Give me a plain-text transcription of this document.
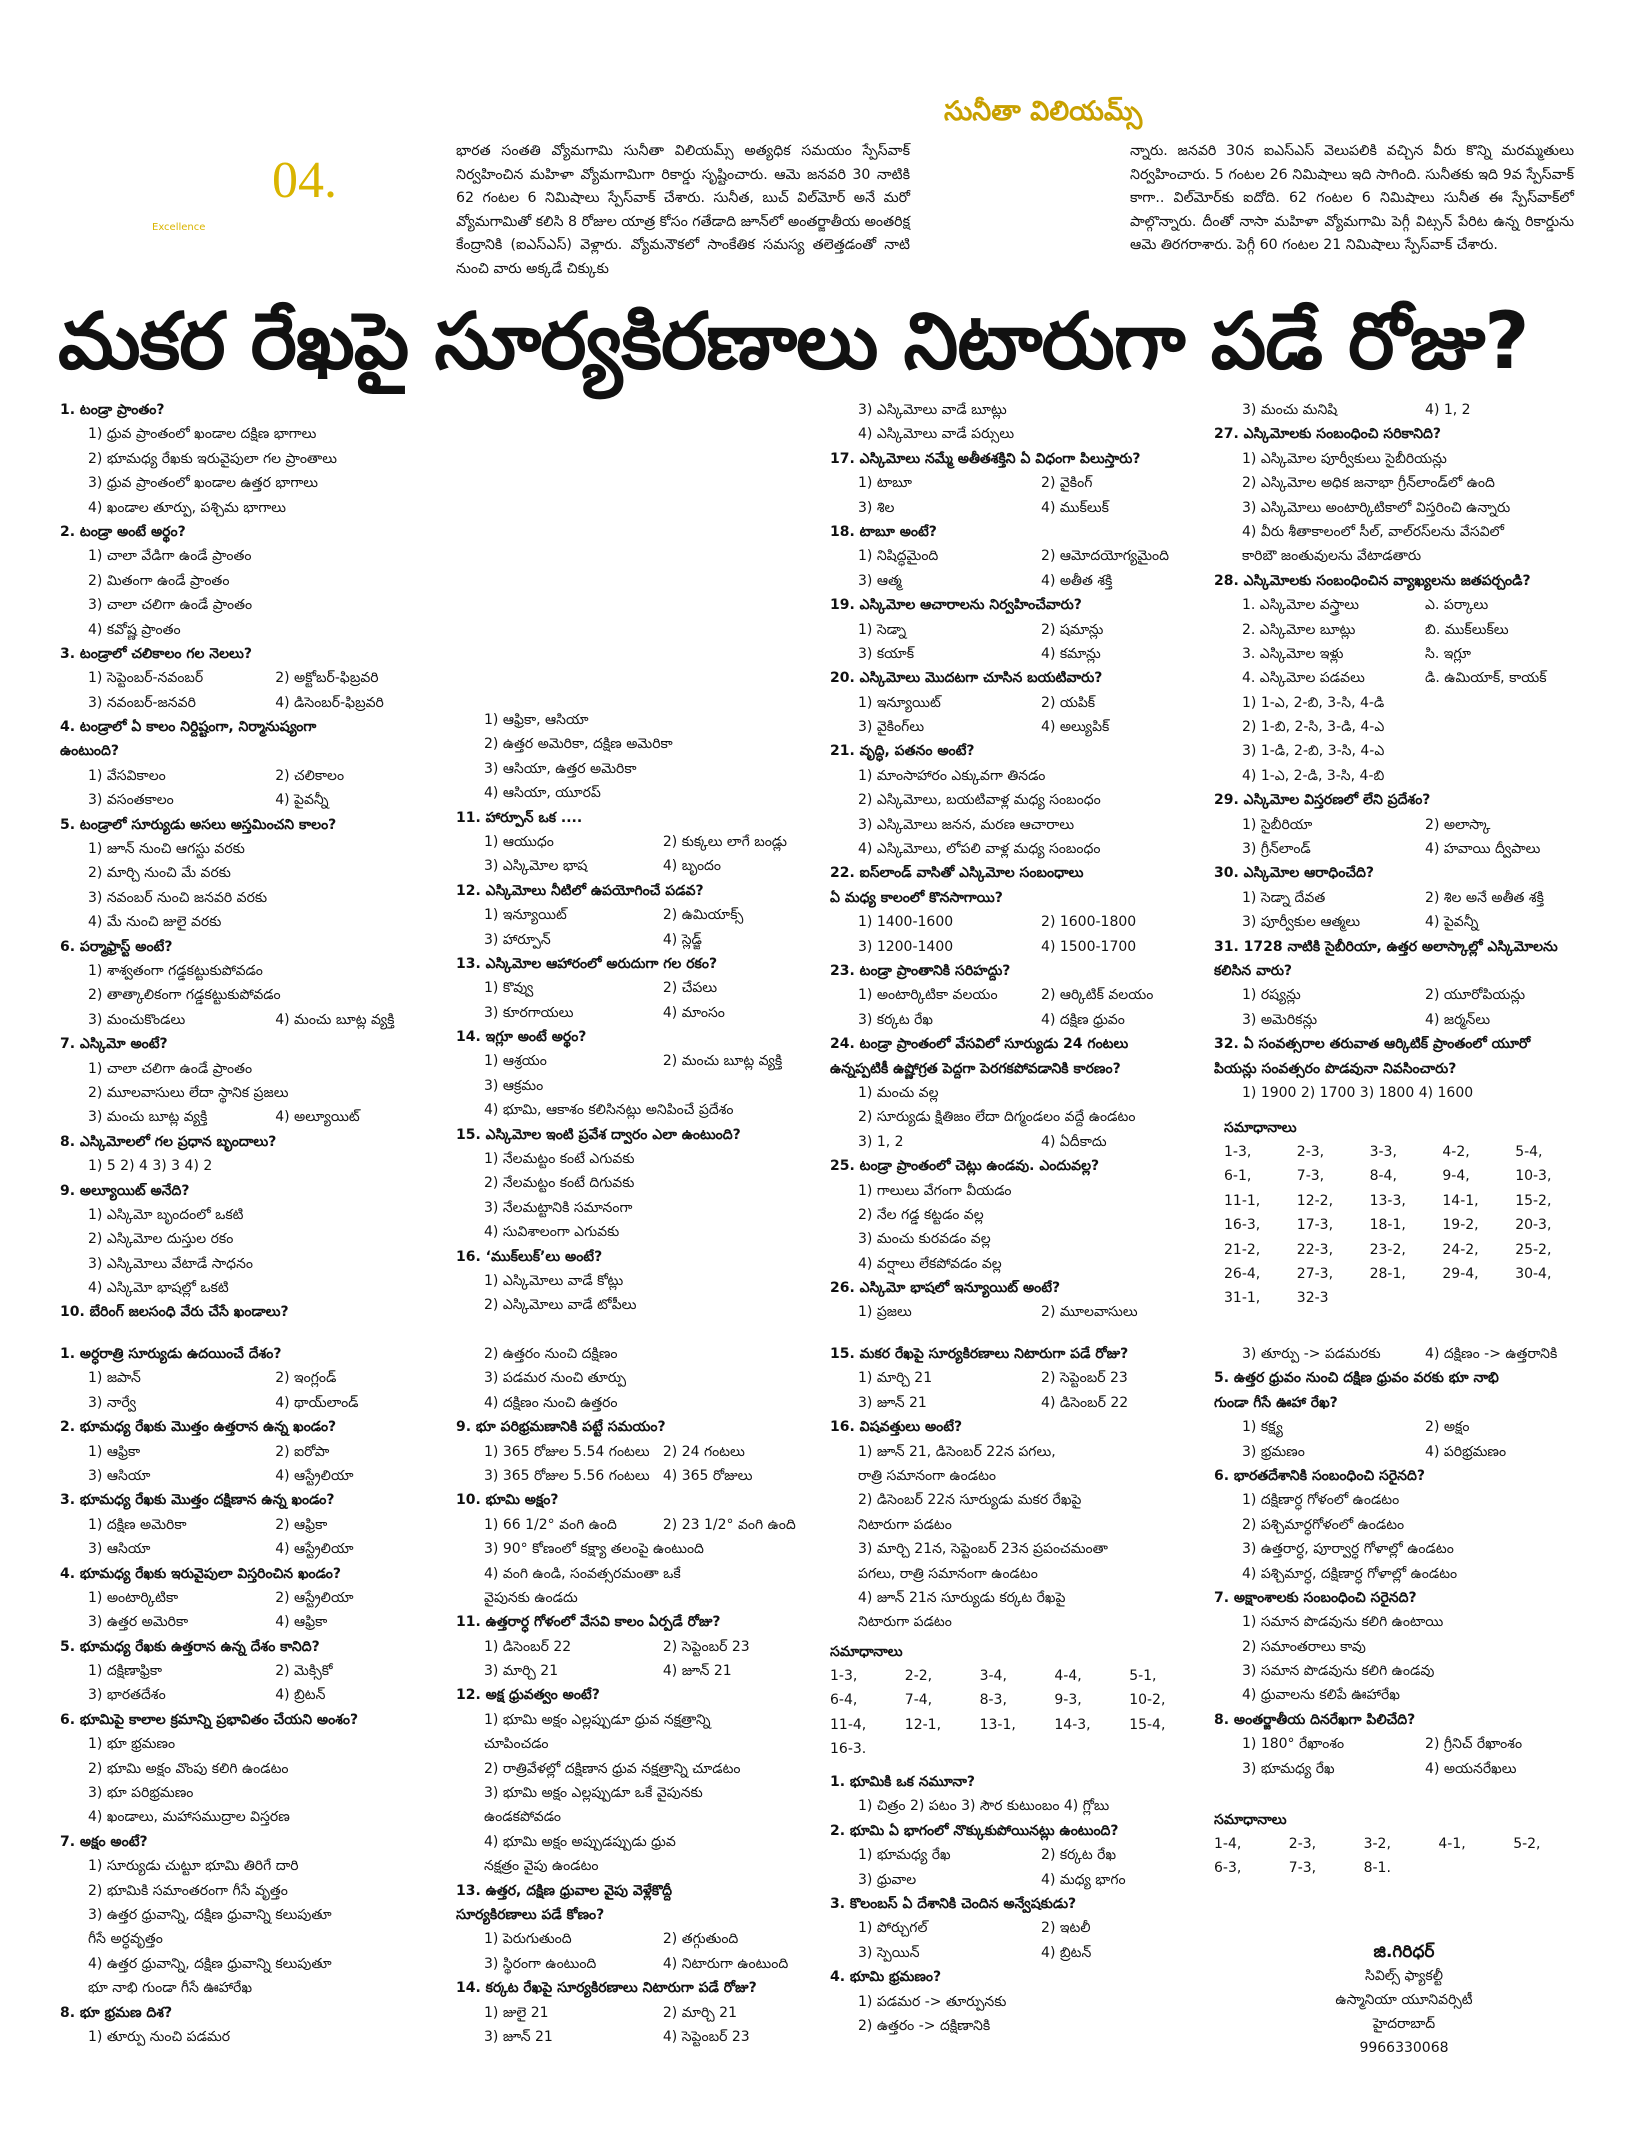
04.
Excellence
సునీతా విలియమ్స్
భారత సంతతి వ్యోమగామి సునీతా విలియమ్స్ అత్యధిక సమయం స్పేస్‌వాక్ నిర్వహించిన మహిళా వ్యోమగామిగా రికార్డు సృష్టించారు. ఆమె జనవరి 30 నాటికి 62 గంటల 6 నిమిషాలు స్పేస్‌వాక్ చేశారు. సునీత, బుచ్ విల్‌మోర్ అనే మరో వ్యోమగామితో కలిసి 8 రోజుల యాత్ర కోసం గతేడాది జూన్‌లో అంతర్జాతీయ అంతరిక్ష కేంద్రానికి (ఐఎస్‌ఎస్) వెళ్లారు. వ్యోమనౌకలో సాంకేతిక సమస్య తలెత్తడంతో నాటి నుంచి వారు అక్కడే చిక్కుకు
న్నారు. జనవరి 30న ఐఎస్‌ఎస్ వెలుపలికి వచ్చిన వీరు కొన్ని మరమ్మతులు నిర్వహించారు. 5 గంటల 26 నిమిషాలు ఇది సాగింది. సునీతకు ఇది 9వ స్పేస్‌వాక్ కాగా.. విల్‌మోర్‌కు ఐదోది. 62 గంటల 6 నిమిషాలు సునీత ఈ స్పేస్‌వాక్‌లో పాల్గొన్నారు. దీంతో నాసా మహిళా వ్యోమగామి పెగ్గీ విట్సన్ పేరిట ఉన్న రికార్డును ఆమె తిరగరాశారు. పెగ్గీ 60 గంటల 21 నిమిషాలు స్పేస్‌వాక్ చేశారు.
మకర రేఖపై సూర్యకిరణాలు నిటారుగా పడే రోజు?
1. టండ్రా ప్రాంతం?
1) ధ్రువ ప్రాంతంలో ఖండాల దక్షిణ భాగాలు
2) భూమధ్య రేఖకు ఇరువైపులా గల ప్రాంతాలు
3) ధ్రువ ప్రాంతంలో ఖండాల ఉత్తర భాగాలు
4) ఖండాల తూర్పు, పశ్చిమ భాగాలు
2. టండ్రా అంటే అర్థం?
1) చాలా వేడిగా ఉండే ప్రాంతం
2) మితంగా ఉండే ప్రాంతం
3) చాలా చలిగా ఉండే ప్రాంతం
4) కవోష్ణ ప్రాంతం
3. టండ్రాలో చలికాలం గల నెలలు?
1) సెప్టెంబర్-నవంబర్	2) అక్టోబర్-ఫిబ్రవరి
3) నవంబర్-జనవరి	4) డిసెంబర్-ఫిబ్రవరి
4. టండ్రాలో ఏ కాలం నిర్దిష్టంగా, నిర్మానుష్యంగా
ఉంటుంది?
1) వేసవికాలం	2) చలికాలం
3) వసంతకాలం	4) పైవన్నీ
5. టండ్రాలో సూర్యుడు అసలు అస్తమించని కాలం?
1) జూన్ నుంచి ఆగస్టు వరకు
2) మార్చి నుంచి మే వరకు
3) నవంబర్ నుంచి జనవరి వరకు
4) మే నుంచి జులై వరకు
6. పర్మాఫ్రాస్ట్ అంటే?
1) శాశ్వతంగా గడ్డకట్టుకుపోవడం
2) తాత్కాలికంగా గడ్డకట్టుకుపోవడం
3) మంచుకొండలు	4) మంచు బూట్ల వ్యక్తి
7. ఎస్కిమో అంటే?
1) చాలా చలిగా ఉండే ప్రాంతం
2) మూలవాసులు లేదా స్థానిక ప్రజలు
3) మంచు బూట్ల వ్యక్తి	4) అల్యూయిట్
8. ఎస్కిమోలలో గల ప్రధాన బృందాలు?
1) 5 2) 4 3) 3 4) 2
9. అల్యూయిట్ అనేది?
1) ఎస్కిమో బృందంలో ఒకటి
2) ఎస్కిమోల దుస్తుల రకం
3) ఎస్కిమోలు వేటాడే సాధనం
4) ఎస్కిమో భాషల్లో ఒకటి
10. బేరింగ్ జలసంధి వేరు చేసే ఖండాలు?
1) ఆఫ్రికా, ఆసియా
2) ఉత్తర అమెరికా, దక్షిణ అమెరికా
3) ఆసియా, ఉత్తర అమెరికా
4) ఆసియా, యూరప్
11. హార్పూన్ ఒక ....
1) ఆయుధం	2) కుక్కలు లాగే బండ్లు
3) ఎస్కిమోల భాష	4) బృందం
12. ఎస్కిమోలు నీటిలో ఉపయోగించే పడవ?
1) ఇన్యూయిట్	2) ఉమియాక్స్
3) హార్పూన్	4) స్లెడ్జ్
13. ఎస్కిమోల ఆహారంలో అరుదుగా గల రకం?
1) కొవ్వు	2) చేపలు
3) కూరగాయలు	4) మాంసం
14. ఇగ్లూ అంటే అర్థం?
1) ఆశ్రయం	2) మంచు బూట్ల వ్యక్తి
3) ఆక్రమం
4) భూమి, ఆకాశం కలిసినట్లు అనిపించే ప్రదేశం
15. ఎస్కిమోల ఇంటి ప్రవేశ ద్వారం ఎలా ఉంటుంది?
1) నేలమట్టం కంటే ఎగువకు
2) నేలమట్టం కంటే దిగువకు
3) నేలమట్టానికి సమానంగా
4) సువిశాలంగా ఎగువకు
16. ‘ముక్‌లుక్’లు అంటే?
1) ఎస్కిమోలు వాడే కోట్లు
2) ఎస్కిమోలు వాడే టోపీలు
3) ఎస్కిమోలు వాడే బూట్లు
4) ఎస్కిమోలు వాడే పర్సులు
17. ఎస్కిమోలు నమ్మే అతీతశక్తిని ఏ విధంగా పిలుస్తారు?
1) టాబూ	2) వైకింగ్
3) శిల	4) ముక్‌లుక్
18. టాబూ అంటే?
1) నిషిద్ధమైంది	2) ఆమోదయోగ్యమైంది
3) ఆత్మ	4) అతీత శక్తి
19. ఎస్కిమోల ఆచారాలను నిర్వహించేవారు?
1) సెడ్నా	2) షమాన్లు
3) కయాక్	4) కమాన్లు
20. ఎస్కిమోలు మొదటగా చూసిన బయటివారు?
1) ఇన్యూయిట్	2) యపిక్
3) వైకింగ్‌లు	4) అల్యుపిక్
21. వృద్ధి, పతనం అంటే?
1) మాంసాహారం ఎక్కువగా తినడం
2) ఎస్కిమోలు, బయటివాళ్ల మధ్య సంబంధం
3) ఎస్కిమోలు జనన, మరణ ఆచారాలు
4) ఎస్కిమోలు, లోపలి వాళ్ల మధ్య సంబంధం
22. ఐస్‌లాండ్ వాసితో ఎస్కిమోల సంబంధాలు
ఏ మధ్య కాలంలో కొనసాగాయి?
1) 1400-1600	2) 1600-1800
3) 1200-1400	4) 1500-1700
23. టండ్రా ప్రాంతానికి సరిహద్దు?
1) అంటార్కిటికా వలయం	2) ఆర్కిటిక్ వలయం
3) కర్కట రేఖ	4) దక్షిణ ధ్రువం
24. టండ్రా ప్రాంతంలో వేసవిలో సూర్యుడు 24 గంటలు
ఉన్నప్పటికీ ఉష్ణోగ్రత పెద్దగా పెరగకపోవడానికి కారణం?
1) మంచు వల్ల
2) సూర్యుడు క్షితిజం లేదా దిగ్మండలం వద్దే ఉండటం
3) 1, 2	4) ఏదీకాదు
25. టండ్రా ప్రాంతంలో చెట్లు ఉండవు. ఎందువల్ల?
1) గాలులు వేగంగా వీయడం
2) నేల గడ్డ కట్టడం వల్ల
3) మంచు కురవడం వల్ల
4) వర్షాలు లేకపోవడం వల్ల
26. ఎస్కిమో భాషలో ఇన్యూయిట్ అంటే?
1) ప్రజలు	2) మూలవాసులు
3) మంచు మనిషి	4) 1, 2
27. ఎస్కిమోలకు సంబంధించి సరికానిది?
1) ఎస్కిమోల పూర్వీకులు సైబీరియన్లు
2) ఎస్కిమోల అధిక జనాభా గ్రీన్‌లాండ్‌లో ఉంది
3) ఎస్కిమోలు అంటార్కిటికాలో విస్తరించి ఉన్నారు
4) వీరు శీతాకాలంలో సీల్, వాల్‌రస్‌లను వేసవిలో
కారిబౌ జంతువులను వేటాడతారు
28. ఎస్కిమోలకు సంబంధించిన వ్యాఖ్యలను జతపర్చండి?
1. ఎస్కిమోల వస్త్రాలు	ఎ. పర్కాలు
2. ఎస్కిమోల బూట్లు	బి. ముక్‌లుక్‌లు
3. ఎస్కిమోల ఇళ్లు	సి. ఇగ్లూ
4. ఎస్కిమోల పడవలు	డి. ఉమియాక్, కాయక్
1) 1-ఎ, 2-బి, 3-సి, 4-డి
2) 1-బి, 2-సి, 3-డి, 4-ఎ
3) 1-డి, 2-బి, 3-సి, 4-ఎ
4) 1-ఎ, 2-డి, 3-సి, 4-బి
29. ఎస్కిమోల విస్తరణలో లేని ప్రదేశం?
1) సైబీరియా	2) అలాస్కా
3) గ్రీన్‌లాండ్	4) హవాయి ద్వీపాలు
30. ఎస్కిమోల ఆరాధించేది?
1) సెడ్నా దేవత	2) శిల అనే అతీత శక్తి
3) పూర్వీకుల ఆత్మలు	4) పైవన్నీ
31. 1728 నాటికి సైబీరియా, ఉత్తర అలాస్కాల్లో ఎస్కిమోలను
కలిసిన వారు?
1) రష్యన్లు	2) యూరోపియన్లు
3) అమెరికన్లు	4) జర్మన్‌లు
32. ఏ సంవత్సరాల తరువాత ఆర్కిటిక్ ప్రాంతంలో యూరో
పియన్లు సంవత్సరం పొడవునా నివసించారు?
1) 1900 2) 1700 3) 1800 4) 1600
సమాధానాలు
1-3,	2-3,	3-3,	4-2,	5-4,
6-1,	7-3,	8-4,	9-4,	10-3,
11-1,	12-2,	13-3,	14-1,	15-2,
16-3,	17-3,	18-1,	19-2,	20-3,
21-2,	22-3,	23-2,	24-2,	25-2,
26-4,	27-3,	28-1,	29-4,	30-4,
31-1,	32-3
1. అర్ధరాత్రి సూర్యుడు ఉదయించే దేశం?
1) జపాన్	2) ఇంగ్లండ్
3) నార్వే	4) థాయ్‌లాండ్
2. భూమధ్య రేఖకు మొత్తం ఉత్తరాన ఉన్న ఖండం?
1) ఆఫ్రికా	2) ఐరోపా
3) ఆసియా	4) ఆస్ట్రేలియా
3. భూమధ్య రేఖకు మొత్తం దక్షిణాన ఉన్న ఖండం?
1) దక్షిణ అమెరికా	2) ఆఫ్రికా
3) ఆసియా	4) ఆస్ట్రేలియా
4. భూమధ్య రేఖకు ఇరువైపులా విస్తరించిన ఖండం?
1) అంటార్కిటికా	2) ఆస్ట్రేలియా
3) ఉత్తర అమెరికా	4) ఆఫ్రికా
5. భూమధ్య రేఖకు ఉత్తరాన ఉన్న దేశం కానిది?
1) దక్షిణాఫ్రికా	2) మెక్సికో
3) భారతదేశం	4) బ్రిటన్
6. భూమిపై కాలాల క్రమాన్ని ప్రభావితం చేయని అంశం?
1) భూ భ్రమణం
2) భూమి అక్షం వొంపు కలిగి ఉండటం
3) భూ పరిభ్రమణం
4) ఖండాలు, మహాసముద్రాల విస్తరణ
7. అక్షం అంటే?
1) సూర్యుడు చుట్టూ భూమి తిరిగే దారి
2) భూమికి సమాంతరంగా గీసే వృత్తం
3) ఉత్తర ధ్రువాన్ని, దక్షిణ ధ్రువాన్ని కలుపుతూ
గీసే అర్ధవృత్తం
4) ఉత్తర ధ్రువాన్ని, దక్షిణ ధ్రువాన్ని కలుపుతూ
భూ నాభి గుండా గీసే ఊహారేఖ
8. భూ భ్రమణ దిశ?
1) తూర్పు నుంచి పడమర
2) ఉత్తరం నుంచి దక్షిణం
3) పడమర నుంచి తూర్పు
4) దక్షిణం నుంచి ఉత్తరం
9. భూ పరిభ్రమణానికి పట్టే సమయం?
1) 365 రోజుల 5.54 గంటలు 2) 24 గంటలు
3) 365 రోజుల 5.56 గంటలు 4) 365 రోజులు
10. భూమి అక్షం?
1) 66 1/2° వంగి ఉంది	2) 23 1/2° వంగి ఉంది
3) 90° కోణంలో కక్ష్యా తలంపై ఉంటుంది
4) వంగి ఉండి, సంవత్సరమంతా ఒకే
వైపునకు ఉండదు
11. ఉత్తరార్ధ గోళంలో వేసవి కాలం ఏర్పడే రోజు?
1) డిసెంబర్ 22	2) సెప్టెంబర్ 23
3) మార్చి 21	4) జూన్ 21
12. అక్ష ధ్రువత్వం అంటే?
1) భూమి అక్షం ఎల్లప్పుడూ ధ్రువ నక్షత్రాన్ని
చూపించడం
2) రాత్రివేళల్లో దక్షిణాన ధ్రువ నక్షత్రాన్ని చూడటం
3) భూమి అక్షం ఎల్లప్పుడూ ఒకే వైపునకు
ఉండకపోవడం
4) భూమి అక్షం అప్పుడప్పుడు ధ్రువ
నక్షత్రం వైపు ఉండటం
13. ఉత్తర, దక్షిణ ధ్రువాల వైపు వెళ్లేకొద్దీ
సూర్యకిరణాలు పడే కోణం?
1) పెరుగుతుంది	2) తగ్గుతుంది
3) స్థిరంగా ఉంటుంది	4) నిటారుగా ఉంటుంది
14. కర్కట రేఖపై సూర్యకిరణాలు నిటారుగా పడే రోజు?
1) జులై 21	2) మార్చి 21
3) జూన్ 21	4) సెప్టెంబర్ 23
15. మకర రేఖపై సూర్యకిరణాలు నిటారుగా పడే రోజు?
1) మార్చి 21	2) సెప్టెంబర్ 23
3) జూన్ 21	4) డిసెంబర్ 22
16. విషవత్తులు అంటే?
1) జూన్ 21, డిసెంబర్ 22న పగలు,
రాత్రి సమానంగా ఉండటం
2) డిసెంబర్ 22న సూర్యుడు మకర రేఖపై
నిటారుగా పడటం
3) మార్చి 21న, సెప్టెంబర్ 23న ప్రపంచమంతా
పగలు, రాత్రి సమానంగా ఉండటం
4) జూన్ 21న సూర్యుడు కర్కట రేఖపై
నిటారుగా పడటం
సమాధానాలు
1-3,	2-2,	3-4,	4-4,	5-1,
6-4,	7-4,	8-3,	9-3,	10-2,
11-4,	12-1,	13-1,	14-3,	15-4,
16-3.
1. భూమికి ఒక నమూనా?
1) చిత్రం 2) పటం 3) సౌర కుటుంబం 4) గ్లోబు
2. భూమి ఏ భాగంలో నొక్కుకుపోయినట్లు ఉంటుంది?
1) భూమధ్య రేఖ	2) కర్కట రేఖ
3) ధ్రువాల	4) మధ్య భాగం
3. కొలంబస్ ఏ దేశానికి చెందిన అన్వేషకుడు?
1) పోర్చుగల్	2) ఇటలీ
3) స్పెయిన్	4) బ్రిటన్
4. భూమి భ్రమణం?
1) పడమర -> తూర్పునకు
2) ఉత్తరం -> దక్షిణానికి
3) తూర్పు -> పడమరకు	4) దక్షిణం -> ఉత్తరానికి
5. ఉత్తర ధ్రువం నుంచి దక్షిణ ధ్రువం వరకు భూ నాభి
గుండా గీసే ఊహా రేఖ?
1) కక్ష్య	2) అక్షం
3) భ్రమణం	4) పరిభ్రమణం
6. భారతదేశానికి సంబంధించి సరైనది?
1) దక్షిణార్ధ గోళంలో ఉండటం
2) పశ్చిమార్ధగోళంలో ఉండటం
3) ఉత్తరార్ధ, పూర్వార్ధ గోళాల్లో ఉండటం
4) పశ్చిమార్ధ, దక్షిణార్ధ గోళాల్లో ఉండటం
7. అక్షాంశాలకు సంబంధించి సరైనది?
1) సమాన పొడవును కలిగి ఉంటాయి
2) సమాంతరాలు కావు
3) సమాన పొడవును కలిగి ఉండవు
4) ధ్రువాలను కలిపే ఊహారేఖ
8. అంతర్జాతీయ దినరేఖగా పిలిచేది?
1) 180° రేఖాంశం	2) గ్రీనిచ్ రేఖాంశం
3) భూమధ్య రేఖ	4) అయనరేఖలు
సమాధానాలు
1-4,	2-3,	3-2,	4-1,	5-2,
6-3,	7-3,	8-1.
జి.గిరిధర్
సివిల్స్ ఫ్యాకల్టీ
ఉస్మానియా యూనివర్సిటీ
హైదరాబాద్
9966330068
